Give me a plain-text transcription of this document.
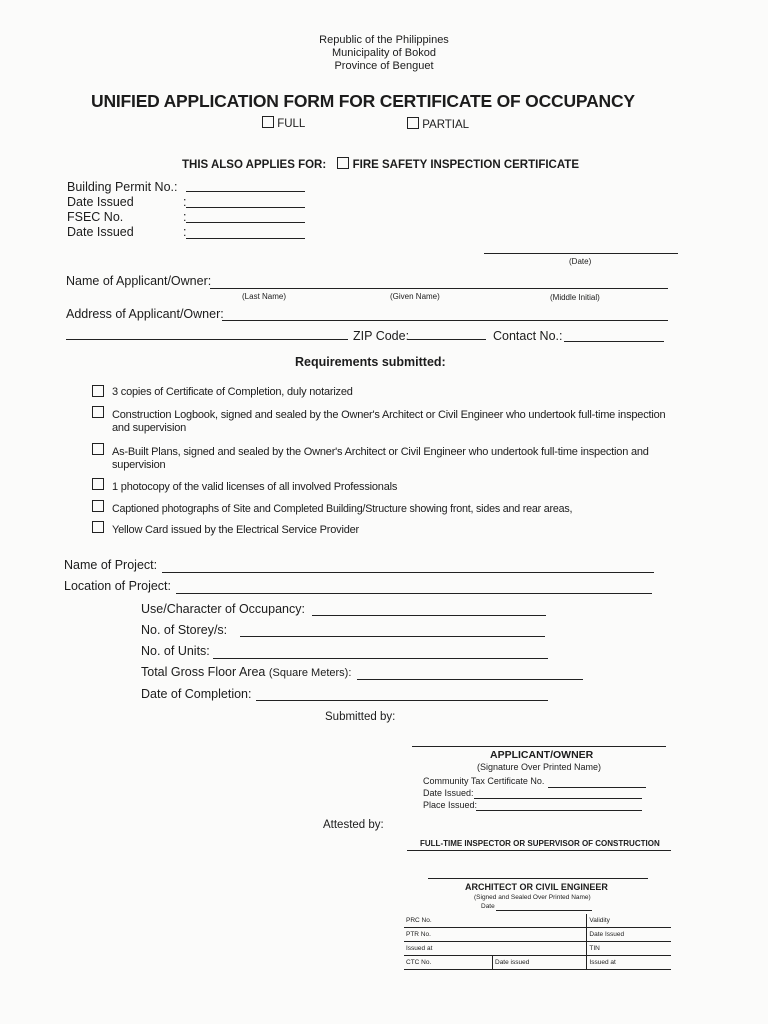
Republic of the Philippines
Municipality of Bokod
Province of Benguet
UNIFIED APPLICATION FORM FOR CERTIFICATE OF OCCUPANCY
FULL	PARTIAL
THIS ALSO APPLIES FOR: FIRE SAFETY INSPECTION CERTIFICATE
Building Permit No.:
Date Issued	:
FSEC No.	:
Date Issued	:
(Date)
Name of Applicant/Owner:
(Last Name)	(Given Name)	(Middle Initial)
Address of Applicant/Owner:
ZIP Code:	Contact No.:
Requirements submitted:
3 copies of Certificate of Completion, duly notarized
Construction Logbook, signed and sealed by the Owner's Architect or Civil Engineer who undertook full-time inspection
and supervision
As-Built Plans, signed and sealed by the Owner's Architect or Civil Engineer who undertook full-time inspection and
supervision
1 photocopy of the valid licenses of all involved Professionals
Captioned photographs of Site and Completed Building/Structure showing front, sides and rear areas,
Yellow Card issued by the Electrical Service Provider
Name of Project:
Location of Project:
Use/Character of Occupancy:
No. of Storey/s:
No. of Units:
Total Gross Floor Area (Square Meters):
Date of Completion:
Submitted by:
APPLICANT/OWNER
(Signature Over Printed Name)
Community Tax Certificate No.
Date Issued:
Place Issued:
Attested by:
FULL-TIME INSPECTOR OR SUPERVISOR OF CONSTRUCTION
ARCHITECT OR CIVIL ENGINEER
(Signed and Sealed Over Printed Name)
Date
PRC No.		Validity
PTR No.		Date Issued
Issued at		TIN
CTC No.	Date issued	Issued at
